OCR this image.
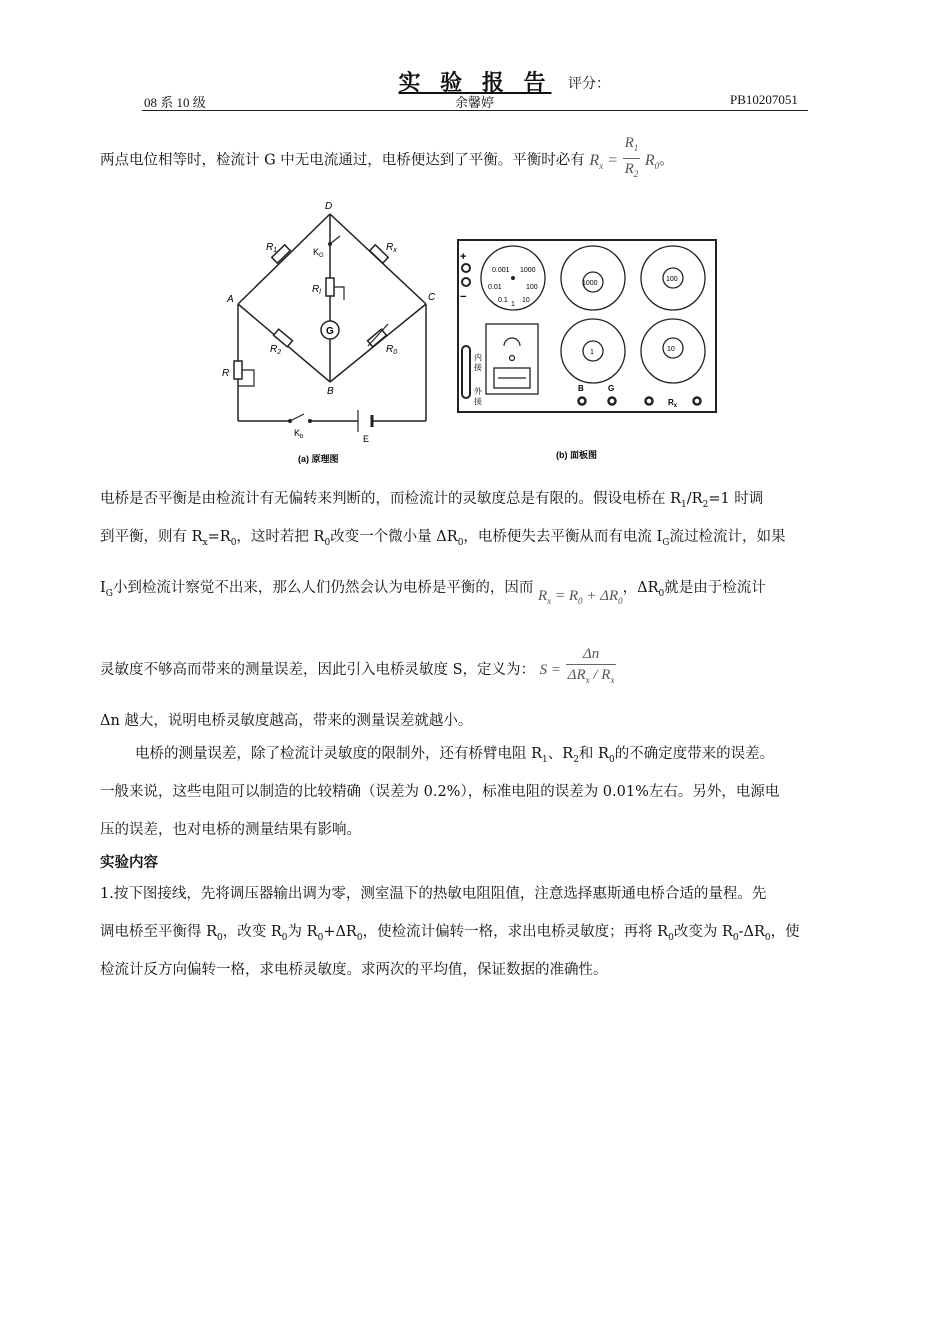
实 验 报 告	评分：
08 系 10 级	余馨婷	PB10207051
两点电位相等时，检流计 G 中无电流通过，电桥便达到了平衡。平衡时必有 $R_x = \frac{R_1}{R_2} R_0$。
D
A	C
B
$R_1$	$R_x$
$K_G$
$R_l$
G
$R_2$	$R_0$
R
$K_b$	E
(a) 原理图
+
−
0.001 1000
0.01	100
0.1 10
1
1000
100
1	10
内
接
外
接
B	G
$R_x$
(b) 面板图
电桥是否平衡是由检流计有无偏转来判断的，而检流计的灵敏度总是有限的。假设电桥在 $R_1/R_2=1$ 时调
到平衡，则有 $R_x=R_0$，这时若把 $R_0$改变一个微小量 $\Delta R_0$，电桥便失去平衡从而有电流 $I_G$流过检流计，如果
$I_G$小到检流计察觉不出来，那么人们仍然会认为电桥是平衡的，因而 $R_x = R_0 + \Delta R_0$，$\Delta R_0$就是由于检流计
灵敏度不够高而带来的测量误差，因此引入电桥灵敏度 S，定义为： $S = \frac{\Delta n}{\Delta R_x / R_x}$
Δn 越大，说明电桥灵敏度越高，带来的测量误差就越小。
电桥的测量误差，除了检流计灵敏度的限制外，还有桥臂电阻 $R_1$、$R_2$和 $R_0$的不确定度带来的误差。
一般来说，这些电阻可以制造的比较精确（误差为 0.2%），标准电阻的误差为 0.01%左右。另外，电源电
压的误差，也对电桥的测量结果有影响。
实验内容
1.按下图接线，先将调压器输出调为零，测室温下的热敏电阻阻值，注意选择惠斯通电桥合适的量程。先
调电桥至平衡得 $R_0$，改变 $R_0$为 $R_0+\Delta R_0$，使检流计偏转一格，求出电桥灵敏度；再将 $R_0$改变为 $R_0-\Delta R_0$，使
检流计反方向偏转一格，求电桥灵敏度。求两次的平均值，保证数据的准确性。
